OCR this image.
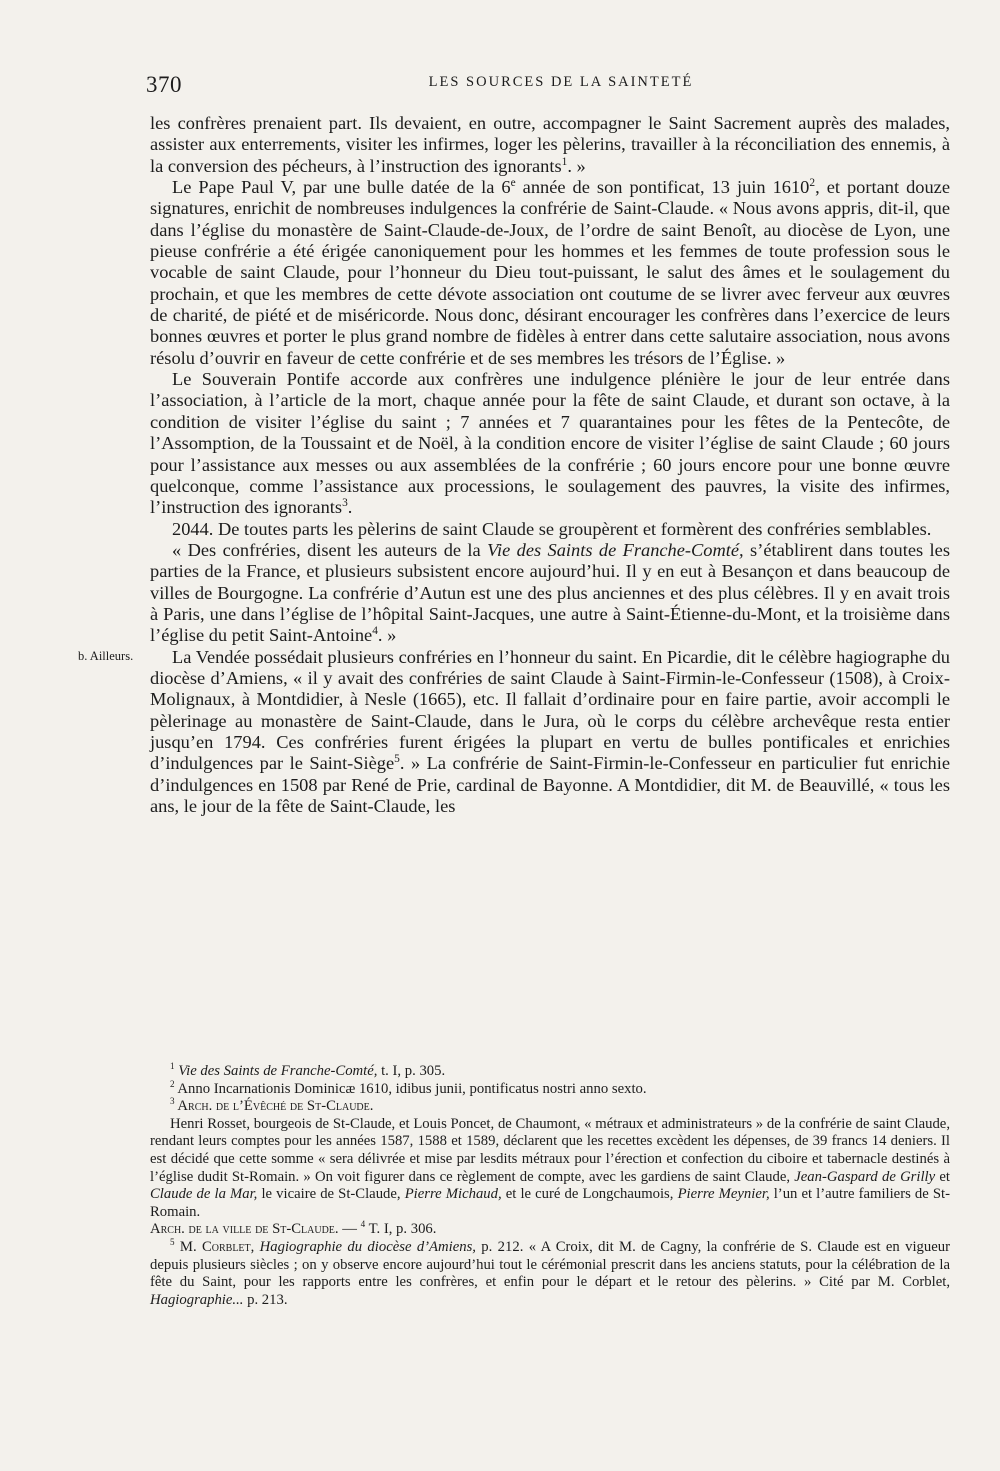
370	LES SOURCES DE LA SAINTETÉ
b. Ailleurs.

les confrères prenaient part. Ils devaient, en outre, accompagner le Saint Sacrement auprès des malades, assister aux enterrements, visiter les infirmes, loger les pèlerins, travailler à la réconciliation des ennemis, à la conversion des pécheurs, à l’instruction des ignorants$^1$. »

Le Pape Paul V, par une bulle datée de la 6e année de son pontificat, 13 juin 1610$^2$, et portant douze signatures, enrichit de nombreuses indulgences la confrérie de Saint-Claude. « Nous avons appris, dit-il, que dans l’église du monastère de Saint-Claude-de-Joux, de l’ordre de saint Benoît, au diocèse de Lyon, une pieuse confrérie a été érigée canoniquement pour les hommes et les femmes de toute profession sous le vocable de saint Claude, pour l’honneur du Dieu tout-puissant, le salut des âmes et le soulagement du prochain, et que les membres de cette dévote association ont coutume de se livrer avec ferveur aux œuvres de charité, de piété et de miséricorde. Nous donc, désirant encourager les confrères dans l’exercice de leurs bonnes œuvres et porter le plus grand nombre de fidèles à entrer dans cette salutaire association, nous avons résolu d’ouvrir en faveur de cette confrérie et de ses membres les trésors de l’Église. »

Le Souverain Pontife accorde aux confrères une indulgence plénière le jour de leur entrée dans l’association, à l’article de la mort, chaque année pour la fête de saint Claude, et durant son octave, à la condition de visiter l’église du saint ; 7 années et 7 quarantaines pour les fêtes de la Pentecôte, de l’Assomption, de la Toussaint et de Noël, à la condition encore de visiter l’église de saint Claude ; 60 jours pour l’assistance aux messes ou aux assemblées de la confrérie ; 60 jours encore pour une bonne œuvre quelconque, comme l’assistance aux processions, le soulagement des pauvres, la visite des infirmes, l’instruction des ignorants$^3$.

2044. De toutes parts les pèlerins de saint Claude se groupèrent et formèrent des confréries semblables.

« Des confréries, disent les auteurs de la Vie des Saints de Franche-Comté, s’établirent dans toutes les parties de la France, et plusieurs subsistent encore aujourd’hui. Il y en eut à Besançon et dans beaucoup de villes de Bourgogne. La confrérie d’Autun est une des plus anciennes et des plus célèbres. Il y en avait trois à Paris, une dans l’église de l’hôpital Saint-Jacques, une autre à Saint-Étienne-du-Mont, et la troisième dans l’église du petit Saint-Antoine$^4$. »

La Vendée possédait plusieurs confréries en l’honneur du saint. En Picardie, dit le célèbre hagiographe du diocèse d’Amiens, « il y avait des confréries de saint Claude à Saint-Firmin-le-Confesseur (1508), à Croix-Molignaux, à Montdidier, à Nesle (1665), etc. Il fallait d’ordinaire pour en faire partie, avoir accompli le pèlerinage au monastère de Saint-Claude, dans le Jura, où le corps du célèbre archevêque resta entier jusqu’en 1794. Ces confréries furent érigées la plupart en vertu de bulles pontificales et enrichies d’indulgences par le Saint-Siège$^5$. » La confrérie de Saint-Firmin-le-Confesseur en particulier fut enrichie d’indulgences en 1508 par René de Prie, cardinal de Bayonne. A Montdidier, dit M. de Beauvillé, « tous les ans, le jour de la fête de Saint-Claude, les

$^1$ Vie des Saints de Franche-Comté, t. I, p. 305.

$^2$ Anno Incarnationis Dominicæ 1610, idibus junii, pontificatus nostri anno sexto.

$^3$ Arch. de l’Évêché de St-Claude.

Henri Rosset, bourgeois de St-Claude, et Louis Poncet, de Chaumont, « métraux et administrateurs » de la confrérie de saint Claude, rendant leurs comptes pour les années 1587, 1588 et 1589, déclarent que les recettes excèdent les dépenses, de 39 francs 14 deniers. Il est décidé que cette somme « sera délivrée et mise par lesdits métraux pour l’érection et confection du ciboire et tabernacle destinés à l’église dudit St-Romain. » On voit figurer dans ce règlement de compte, avec les gardiens de saint Claude, Jean-Gaspard de Grilly et Claude de la Mar, le vicaire de St-Claude, Pierre Michaud, et le curé de Longchaumois, Pierre Meynier, l’un et l’autre familiers de St-Romain.

Arch. de la ville de St-Claude. — $^4$ T. I, p. 306.

$^5$ M. Corblet, Hagiographie du diocèse d’Amiens, p. 212. « A Croix, dit M. de Cagny, la confrérie de S. Claude est en vigueur depuis plusieurs siècles ; on y observe encore aujourd’hui tout le cérémonial prescrit dans les anciens statuts, pour la célébration de la fête du Saint, pour les rapports entre les confrères, et enfin pour le départ et le retour des pèlerins. » Cité par M. Corblet, Hagiographie... p. 213.
